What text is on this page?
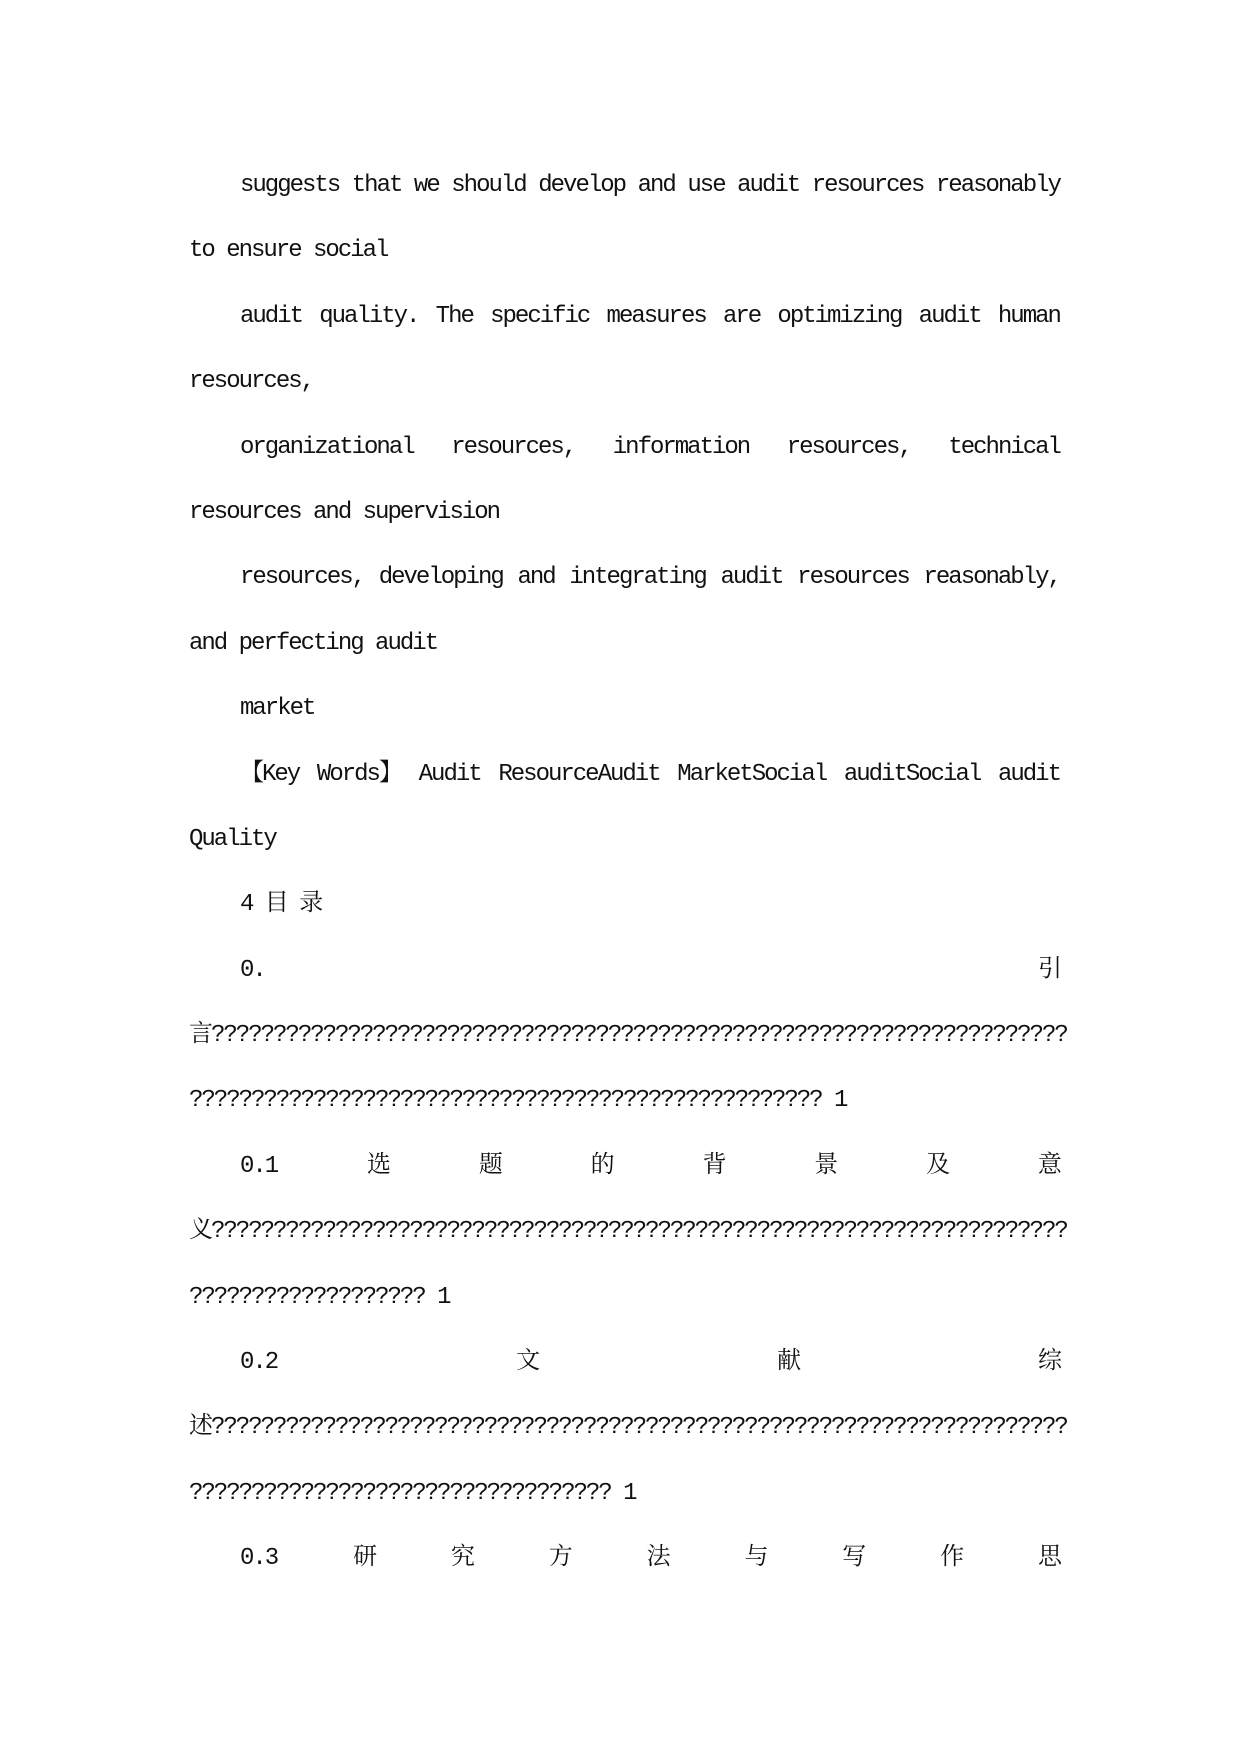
suggests that we should develop and use audit resources reasonably
to ensure social
audit quality. The specific measures are optimizing audit human
resources,
organizational resources, information resources, technical
resources and supervision
resources, developing and integrating audit resources reasonably,
and perfecting audit
market
【Key Words】 Audit ResourceAudit MarketSocial auditSocial audit
Quality
4 目 录
0.	引
言?????????????????????????????????????????????????????????????????????
??????????????????????????????????????????????????? 1
0.1	选	题	的	背	景	及	意
义?????????????????????????????????????????????????????????????????????
??????????????????? 1
0.2	文	献	综
述?????????????????????????????????????????????????????????????????????
?????????????????????????????????? 1
0.3	研	究	方	法	与	写	作	思
